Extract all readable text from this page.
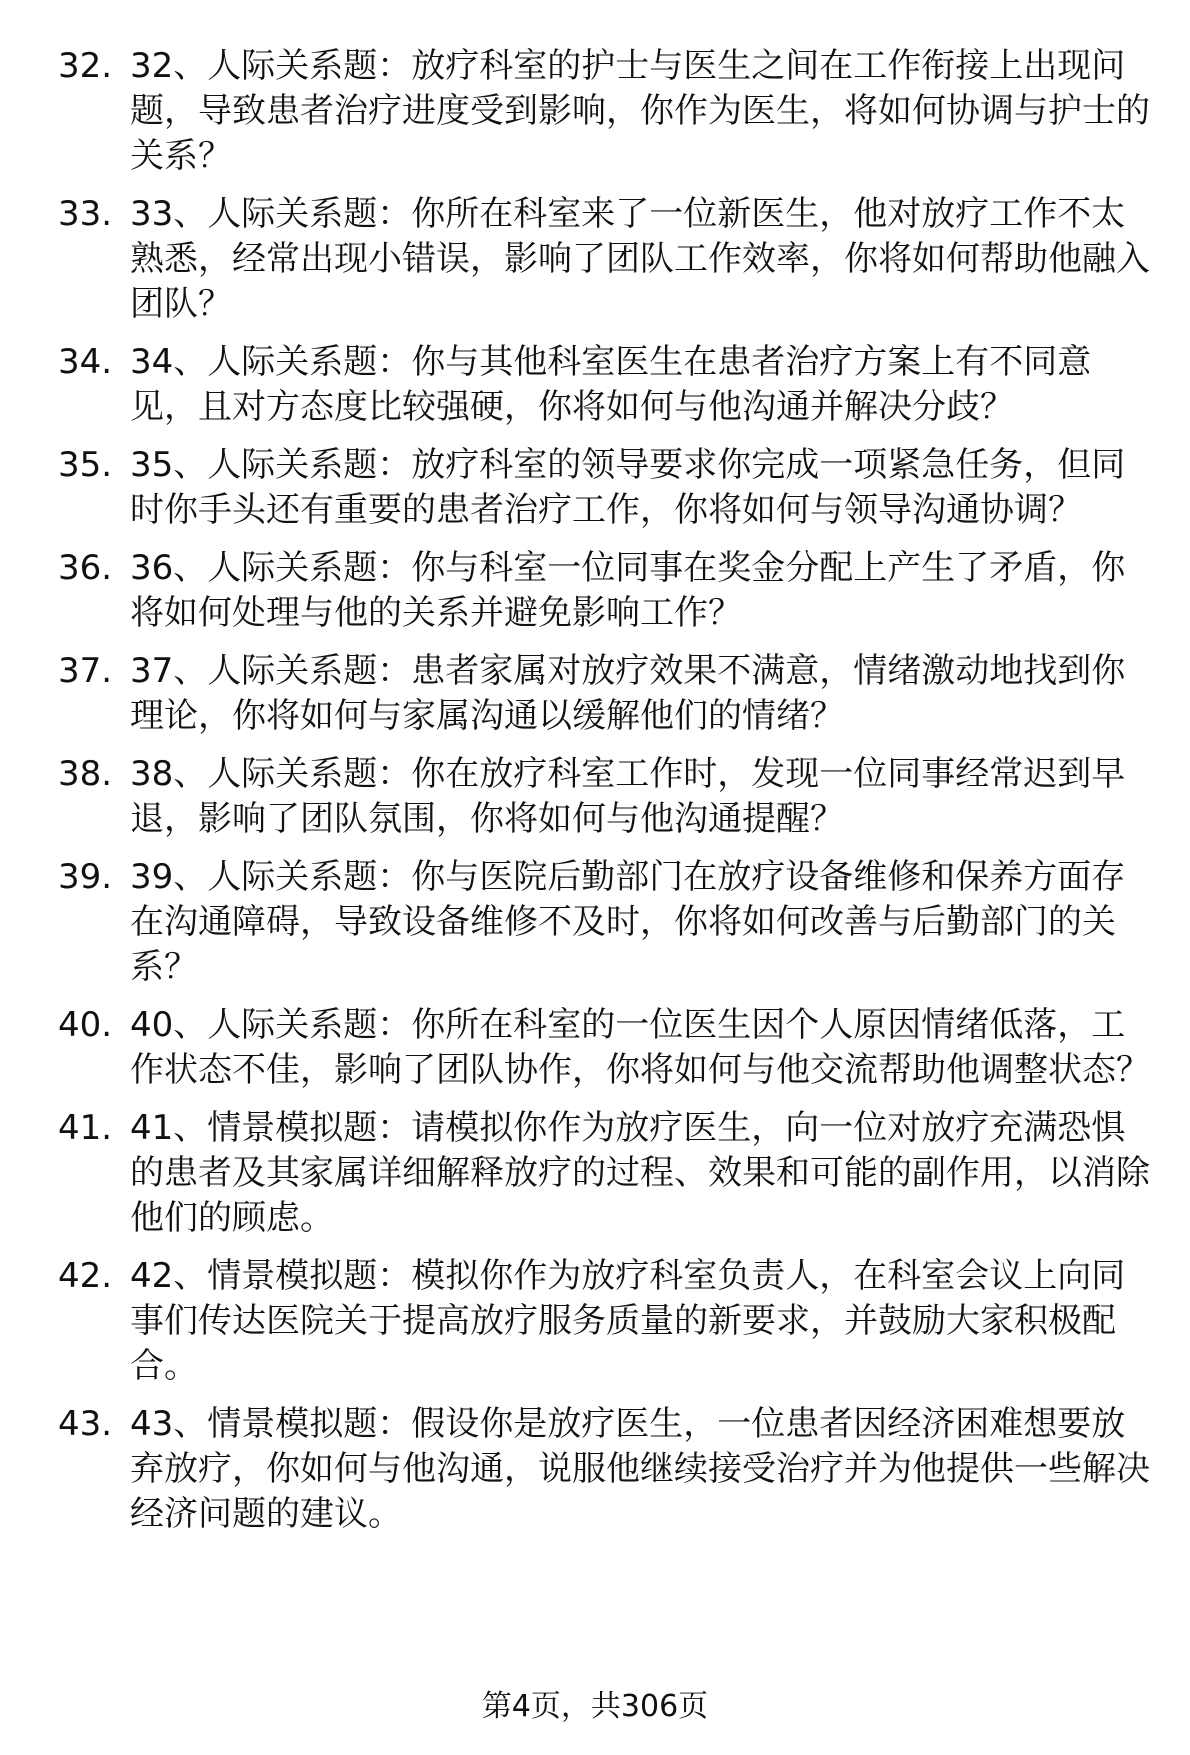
32. 32、人际关系题：放疗科室的护士与医生之间在工作衔接上出现问题，导致患者治疗进度受到影响，你作为医生，将如何协调与护士的关系？
33. 33、人际关系题：你所在科室来了一位新医生，他对放疗工作不太熟悉，经常出现小错误，影响了团队工作效率，你将如何帮助他融入团队？
34. 34、人际关系题：你与其他科室医生在患者治疗方案上有不同意见，且对方态度比较强硬，你将如何与他沟通并解决分歧？
35. 35、人际关系题：放疗科室的领导要求你完成一项紧急任务，但同时你手头还有重要的患者治疗工作，你将如何与领导沟通协调？
36. 36、人际关系题：你与科室一位同事在奖金分配上产生了矛盾，你将如何处理与他的关系并避免影响工作？
37. 37、人际关系题：患者家属对放疗效果不满意，情绪激动地找到你理论，你将如何与家属沟通以缓解他们的情绪？
38. 38、人际关系题：你在放疗科室工作时，发现一位同事经常迟到早退，影响了团队氛围，你将如何与他沟通提醒？
39. 39、人际关系题：你与医院后勤部门在放疗设备维修和保养方面存在沟通障碍，导致设备维修不及时，你将如何改善与后勤部门的关系？
40. 40、人际关系题：你所在科室的一位医生因个人原因情绪低落，工作状态不佳，影响了团队协作，你将如何与他交流帮助他调整状态？
41. 41、情景模拟题：请模拟你作为放疗医生，向一位对放疗充满恐惧的患者及其家属详细解释放疗的过程、效果和可能的副作用，以消除他们的顾虑。
42. 42、情景模拟题：模拟你作为放疗科室负责人，在科室会议上向同事们传达医院关于提高放疗服务质量的新要求，并鼓励大家积极配合。
43. 43、情景模拟题：假设你是放疗医生，一位患者因经济困难想要放弃放疗，你如何与他沟通，说服他继续接受治疗并为他提供一些解决经济问题的建议。
第4页，共306页
